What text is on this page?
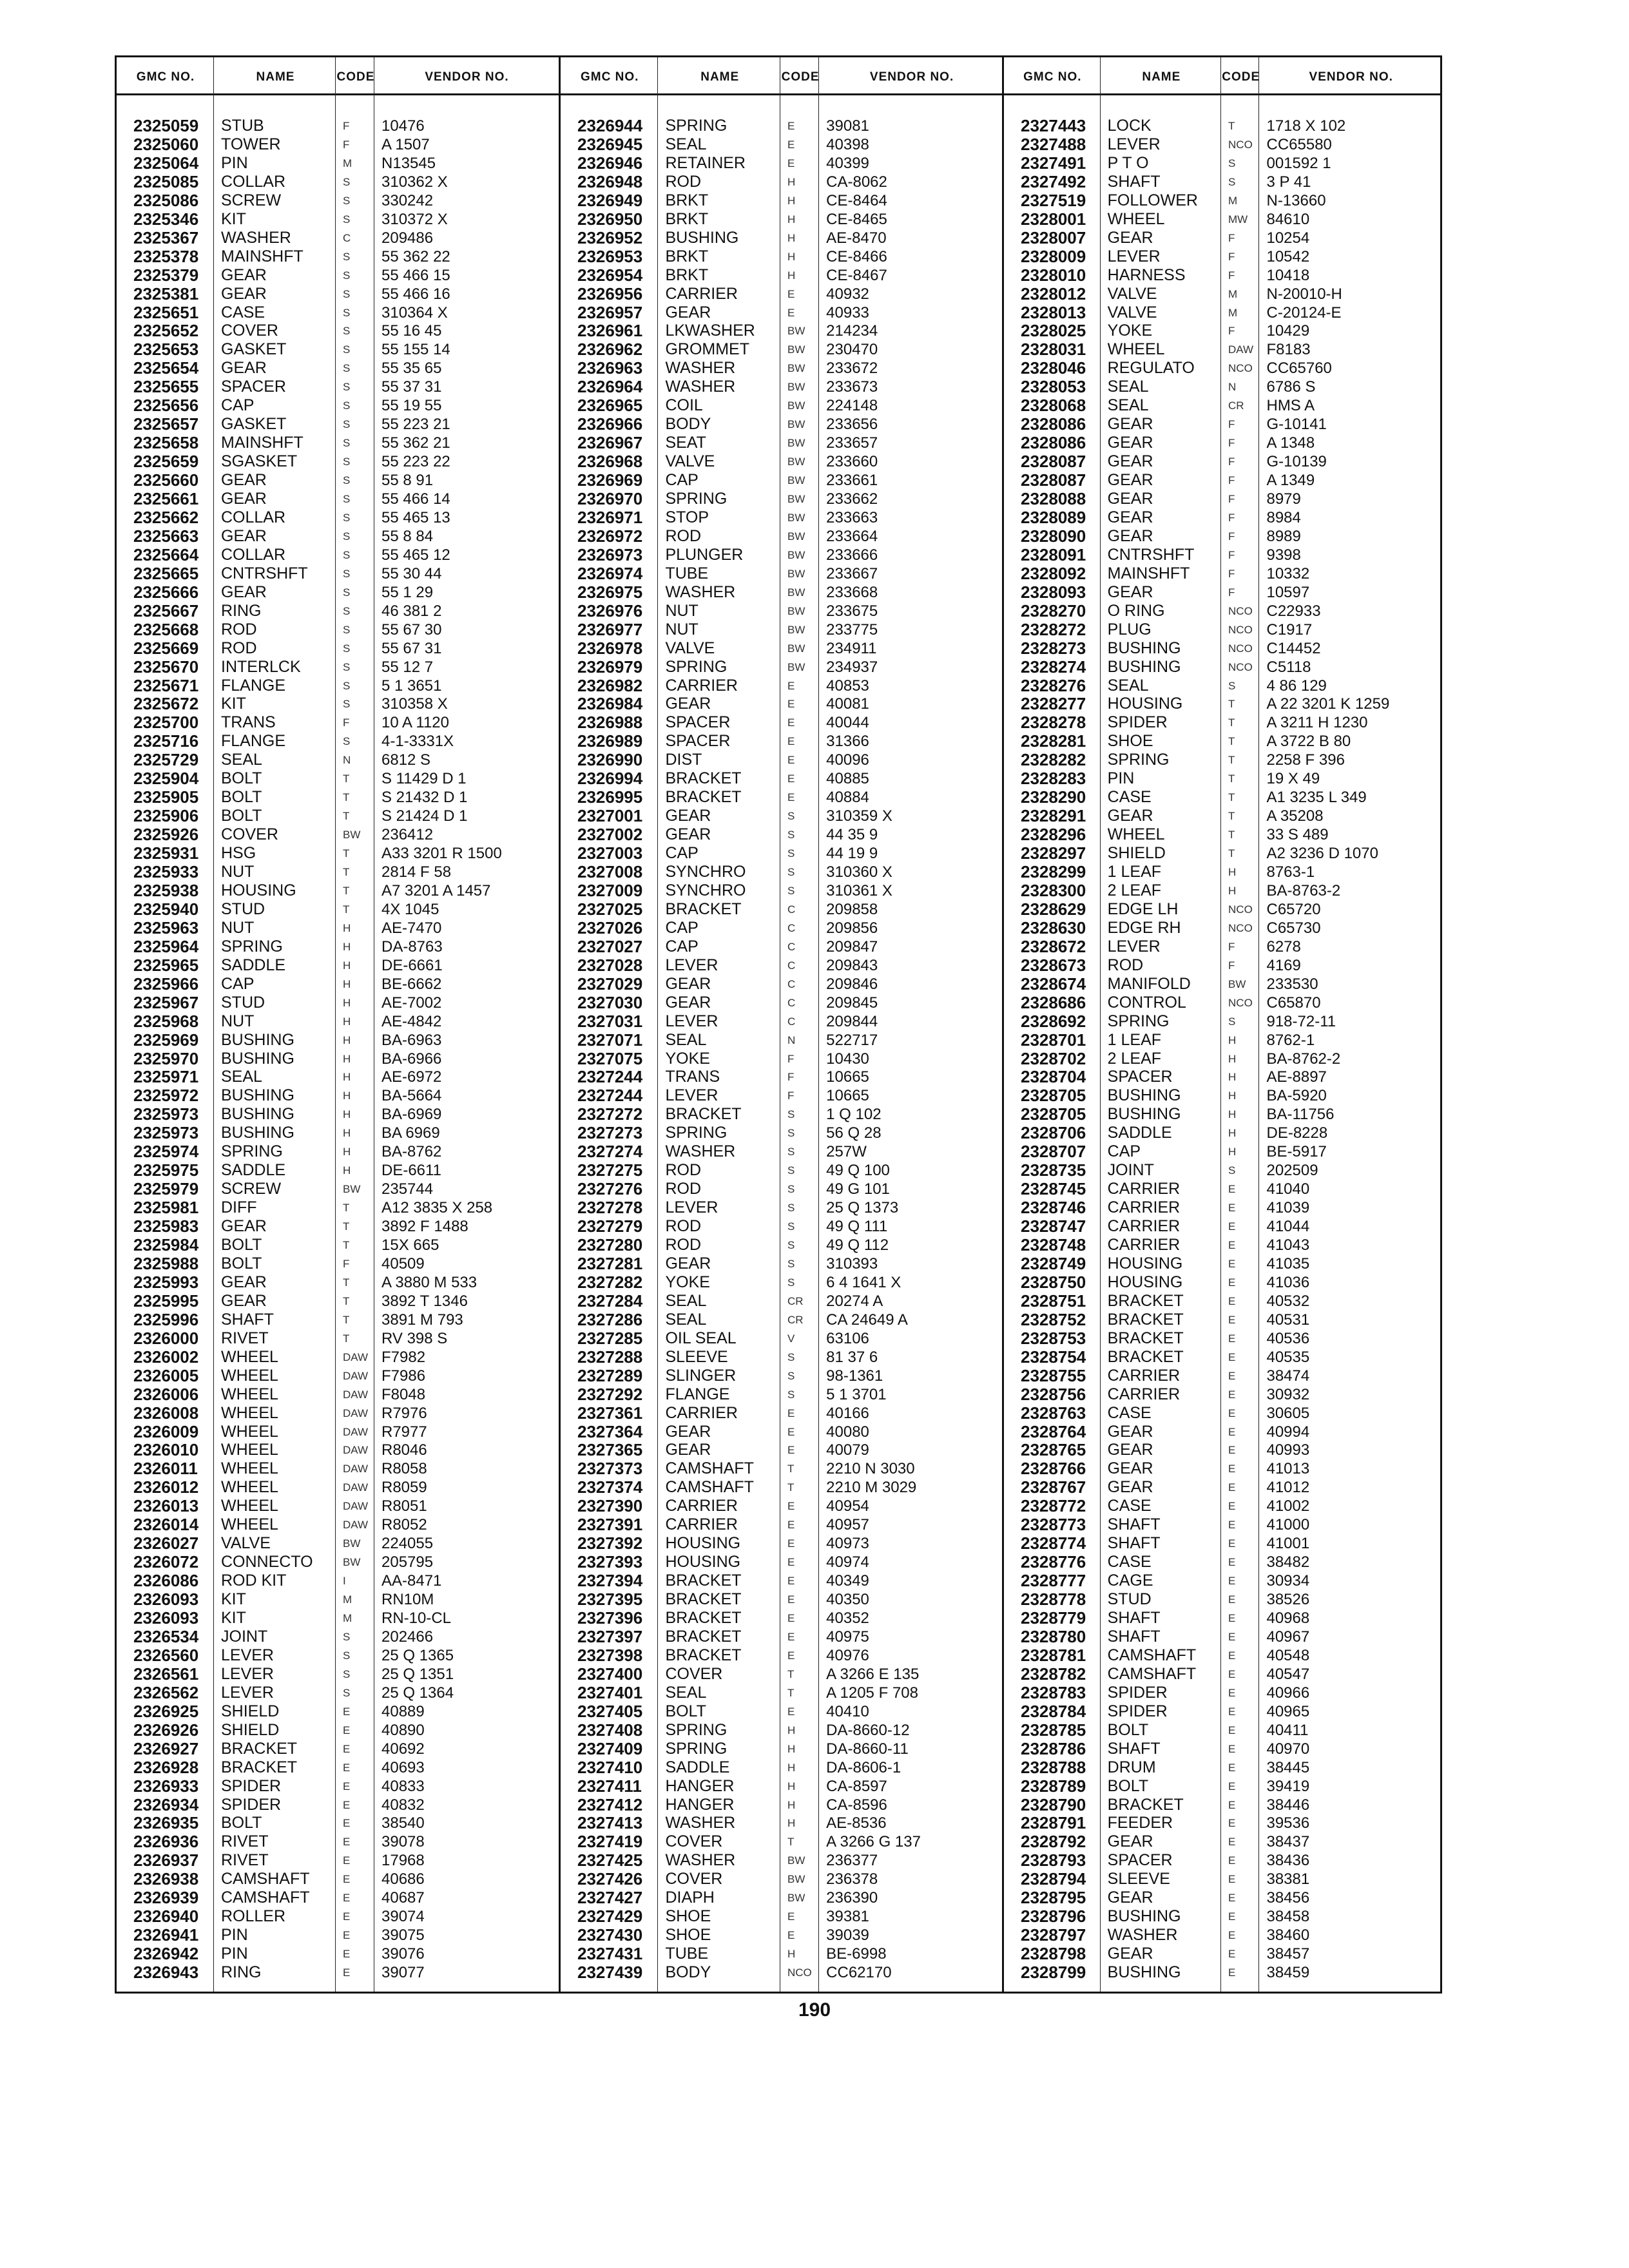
GMC NO.	NAME	CODE	VENDOR NO.
2325059	STUB	F	10476
2325060	TOWER	F	A 1507
2325064	PIN	M	N13545
2325085	COLLAR	S	310362 X
2325086	SCREW	S	330242
2325346	KIT	S	310372 X
2325367	WASHER	C	209486
2325378	MAINSHFT	S	55 362 22
2325379	GEAR	S	55 466 15
2325381	GEAR	S	55 466 16
2325651	CASE	S	310364 X
2325652	COVER	S	55 16 45
2325653	GASKET	S	55 155 14
2325654	GEAR	S	55 35 65
2325655	SPACER	S	55 37 31
2325656	CAP	S	55 19 55
2325657	GASKET	S	55 223 21
2325658	MAINSHFT	S	55 362 21
2325659	SGASKET	S	55 223 22
2325660	GEAR	S	55 8 91
2325661	GEAR	S	55 466 14
2325662	COLLAR	S	55 465 13
2325663	GEAR	S	55 8 84
2325664	COLLAR	S	55 465 12
2325665	CNTRSHFT	S	55 30 44
2325666	GEAR	S	55 1 29
2325667	RING	S	46 381 2
2325668	ROD	S	55 67 30
2325669	ROD	S	55 67 31
2325670	INTERLCK	S	55 12 7
2325671	FLANGE	S	5 1 3651
2325672	KIT	S	310358 X
2325700	TRANS	F	10 A 1120
2325716	FLANGE	S	4-1-3331X
2325729	SEAL	N	6812 S
2325904	BOLT	T	S 11429 D 1
2325905	BOLT	T	S 21432 D 1
2325906	BOLT	T	S 21424 D 1
2325926	COVER	BW	236412
2325931	HSG	T	A33 3201 R 1500
2325933	NUT	T	2814 F 58
2325938	HOUSING	T	A7 3201 A 1457
2325940	STUD	T	4X 1045
2325963	NUT	H	AE-7470
2325964	SPRING	H	DA-8763
2325965	SADDLE	H	DE-6661
2325966	CAP	H	BE-6662
2325967	STUD	H	AE-7002
2325968	NUT	H	AE-4842
2325969	BUSHING	H	BA-6963
2325970	BUSHING	H	BA-6966
2325971	SEAL	H	AE-6972
2325972	BUSHING	H	BA-5664
2325973	BUSHING	H	BA-6969
2325973	BUSHING	H	BA 6969
2325974	SPRING	H	BA-8762
2325975	SADDLE	H	DE-6611
2325979	SCREW	BW	235744
2325981	DIFF	T	A12 3835 X 258
2325983	GEAR	T	3892 F 1488
2325984	BOLT	T	15X 665
2325988	BOLT	F	40509
2325993	GEAR	T	A 3880 M 533
2325995	GEAR	T	3892 T 1346
2325996	SHAFT	T	3891 M 793
2326000	RIVET	T	RV 398 S
2326002	WHEEL	DAW F7982
2326005	WHEEL	DAW F7986
2326006	WHEEL	DAW F8048
2326008	WHEEL	DAW R7976
2326009	WHEEL	DAW R7977
2326010	WHEEL	DAW R8046
2326011	WHEEL	DAW R8058
2326012	WHEEL	DAW R8059
2326013	WHEEL	DAW R8051
2326014	WHEEL	DAW R8052
2326027	VALVE	BW	224055
2326072	CONNECTO	BW	205795
2326086	ROD KIT	I	AA-8471
2326093	KIT	M	RN10M
2326093	KIT	M	RN-10-CL
2326534	JOINT	S	202466
2326560	LEVER	S	25 Q 1365
2326561	LEVER	S	25 Q 1351
2326562	LEVER	S	25 Q 1364
2326925	SHIELD	E	40889
2326926	SHIELD	E	40890
2326927	BRACKET	E	40692
2326928	BRACKET	E	40693
2326933	SPIDER	E	40833
2326934	SPIDER	E	40832
2326935	BOLT	E	38540
2326936	RIVET	E	39078
2326937	RIVET	E	17968
2326938	CAMSHAFT	E	40686
2326939	CAMSHAFT	E	40687
2326940	ROLLER	E	39074
2326941	PIN	E	39075
2326942	PIN	E	39076
2326943	RING	E	39077
GMC NO.	NAME	CODE	VENDOR NO.
2326944	SPRING	E	39081
2326945	SEAL	E	40398
2326946	RETAINER	E	40399
2326948	ROD	H	CA-8062
2326949	BRKT	H	CE-8464
2326950	BRKT	H	CE-8465
2326952	BUSHING	H	AE-8470
2326953	BRKT	H	CE-8466
2326954	BRKT	H	CE-8467
2326956	CARRIER	E	40932
2326957	GEAR	E	40933
2326961	LKWASHER	BW	214234
2326962	GROMMET	BW	230470
2326963	WASHER	BW	233672
2326964	WASHER	BW	233673
2326965	COIL	BW	224148
2326966	BODY	BW	233656
2326967	SEAT	BW	233657
2326968	VALVE	BW	233660
2326969	CAP	BW	233661
2326970	SPRING	BW	233662
2326971	STOP	BW	233663
2326972	ROD	BW	233664
2326973	PLUNGER	BW	233666
2326974	TUBE	BW	233667
2326975	WASHER	BW	233668
2326976	NUT	BW	233675
2326977	NUT	BW	233775
2326978	VALVE	BW	234911
2326979	SPRING	BW	234937
2326982	CARRIER	E	40853
2326984	GEAR	E	40081
2326988	SPACER	E	40044
2326989	SPACER	E	31366
2326990	DIST	E	40096
2326994	BRACKET	E	40885
2326995	BRACKET	E	40884
2327001	GEAR	S	310359 X
2327002	GEAR	S	44 35 9
2327003	CAP	S	44 19 9
2327008	SYNCHRO	S	310360 X
2327009	SYNCHRO	S	310361 X
2327025	BRACKET	C	209858
2327026	CAP	C	209856
2327027	CAP	C	209847
2327028	LEVER	C	209843
2327029	GEAR	C	209846
2327030	GEAR	C	209845
2327031	LEVER	C	209844
2327071	SEAL	N	522717
2327075	YOKE	F	10430
2327244	TRANS	F	10665
2327244	LEVER	F	10665
2327272	BRACKET	S	1 Q 102
2327273	SPRING	S	56 Q 28
2327274	WASHER	S	257W
2327275	ROD	S	49 Q 100
2327276	ROD	S	49 G 101
2327278	LEVER	S	25 Q 1373
2327279	ROD	S	49 Q 111
2327280	ROD	S	49 Q 112
2327281	GEAR	S	310393
2327282	YOKE	S	6 4 1641 X
2327284	SEAL	CR	20274 A
2327286	SEAL	CR	CA 24649 A
2327285	OIL SEAL	V	63106
2327288	SLEEVE	S	81 37 6
2327289	SLINGER	S	98-1361
2327292	FLANGE	S	5 1 3701
2327361	CARRIER	E	40166
2327364	GEAR	E	40080
2327365	GEAR	E	40079
2327373	CAMSHAFT	T	2210 N 3030
2327374	CAMSHAFT	T	2210 M 3029
2327390	CARRIER	E	40954
2327391	CARRIER	E	40957
2327392	HOUSING	E	40973
2327393	HOUSING	E	40974
2327394	BRACKET	E	40349
2327395	BRACKET	E	40350
2327396	BRACKET	E	40352
2327397	BRACKET	E	40975
2327398	BRACKET	E	40976
2327400	COVER	T	A 3266 E 135
2327401	SEAL	T	A 1205 F 708
2327405	BOLT	E	40410
2327408	SPRING	H	DA-8660-12
2327409	SPRING	H	DA-8660-11
2327410	SADDLE	H	DA-8606-1
2327411	HANGER	H	CA-8597
2327412	HANGER	H	CA-8596
2327413	WASHER	H	AE-8536
2327419	COVER	T	A 3266 G 137
2327425	WASHER	BW	236377
2327426	COVER	BW	236378
2327427	DIAPH	BW	236390
2327429	SHOE	E	39381
2327430	SHOE	E	39039
2327431	TUBE	H	BE-6998
2327439	BODY	NCO CC62170
GMC NO.	NAME	CODE	VENDOR NO.
2327443	LOCK	T	1718 X 102
2327488	LEVER	NCO CC65580
2327491	P T O	S	001592 1
2327492	SHAFT	S	3 P 41
2327519	FOLLOWER	M	N-13660
2328001	WHEEL	MW	84610
2328007	GEAR	F	10254
2328009	LEVER	F	10542
2328010	HARNESS	F	10418
2328012	VALVE	M	N-20010-H
2328013	VALVE	M	C-20124-E
2328025	YOKE	F	10429
2328031	WHEEL	DAW F8183
2328046	REGULATO	NCO CC65760
2328053	SEAL	N	6786 S
2328068	SEAL	CR	HMS A
2328086	GEAR	F	G-10141
2328086	GEAR	F	A 1348
2328087	GEAR	F	G-10139
2328087	GEAR	F	A 1349
2328088	GEAR	F	8979
2328089	GEAR	F	8984
2328090	GEAR	F	8989
2328091	CNTRSHFT	F	9398
2328092	MAINSHFT	F	10332
2328093	GEAR	F	10597
2328270	O RING	NCO C22933
2328272	PLUG	NCO C1917
2328273	BUSHING	NCO C14452
2328274	BUSHING	NCO C5118
2328276	SEAL	S	4 86 129
2328277	HOUSING	T	A 22 3201 K 1259
2328278	SPIDER	T	A 3211 H 1230
2328281	SHOE	T	A 3722 B 80
2328282	SPRING	T	2258 F 396
2328283	PIN	T	19 X 49
2328290	CASE	T	A1 3235 L 349
2328291	GEAR	T	A 35208
2328296	WHEEL	T	33 S 489
2328297	SHIELD	T	A2 3236 D 1070
2328299	1 LEAF	H	8763-1
2328300	2 LEAF	H	BA-8763-2
2328629	EDGE LH	NCO C65720
2328630	EDGE RH	NCO C65730
2328672	LEVER	F	6278
2328673	ROD	F	4169
2328674	MANIFOLD	BW	233530
2328686	CONTROL	NCO C65870
2328692	SPRING	S	918-72-11
2328701	1 LEAF	H	8762-1
2328702	2 LEAF	H	BA-8762-2
2328704	SPACER	H	AE-8897
2328705	BUSHING	H	BA-5920
2328705	BUSHING	H	BA-11756
2328706	SADDLE	H	DE-8228
2328707	CAP	H	BE-5917
2328735	JOINT	S	202509
2328745	CARRIER	E	41040
2328746	CARRIER	E	41039
2328747	CARRIER	E	41044
2328748	CARRIER	E	41043
2328749	HOUSING	E	41035
2328750	HOUSING	E	41036
2328751	BRACKET	E	40532
2328752	BRACKET	E	40531
2328753	BRACKET	E	40536
2328754	BRACKET	E	40535
2328755	CARRIER	E	38474
2328756	CARRIER	E	30932
2328763	CASE	E	30605
2328764	GEAR	E	40994
2328765	GEAR	E	40993
2328766	GEAR	E	41013
2328767	GEAR	E	41012
2328772	CASE	E	41002
2328773	SHAFT	E	41000
2328774	SHAFT	E	41001
2328776	CASE	E	38482
2328777	CAGE	E	30934
2328778	STUD	E	38526
2328779	SHAFT	E	40968
2328780	SHAFT	E	40967
2328781	CAMSHAFT	E	40548
2328782	CAMSHAFT	E	40547
2328783	SPIDER	E	40966
2328784	SPIDER	E	40965
2328785	BOLT	E	40411
2328786	SHAFT	E	40970
2328788	DRUM	E	38445
2328789	BOLT	E	39419
2328790	BRACKET	E	38446
2328791	FEEDER	E	39536
2328792	GEAR	E	38437
2328793	SPACER	E	38436
2328794	SLEEVE	E	38381
2328795	GEAR	E	38456
2328796	BUSHING	E	38458
2328797	WASHER	E	38460
2328798	GEAR	E	38457
2328799	BUSHING	E	38459
190
